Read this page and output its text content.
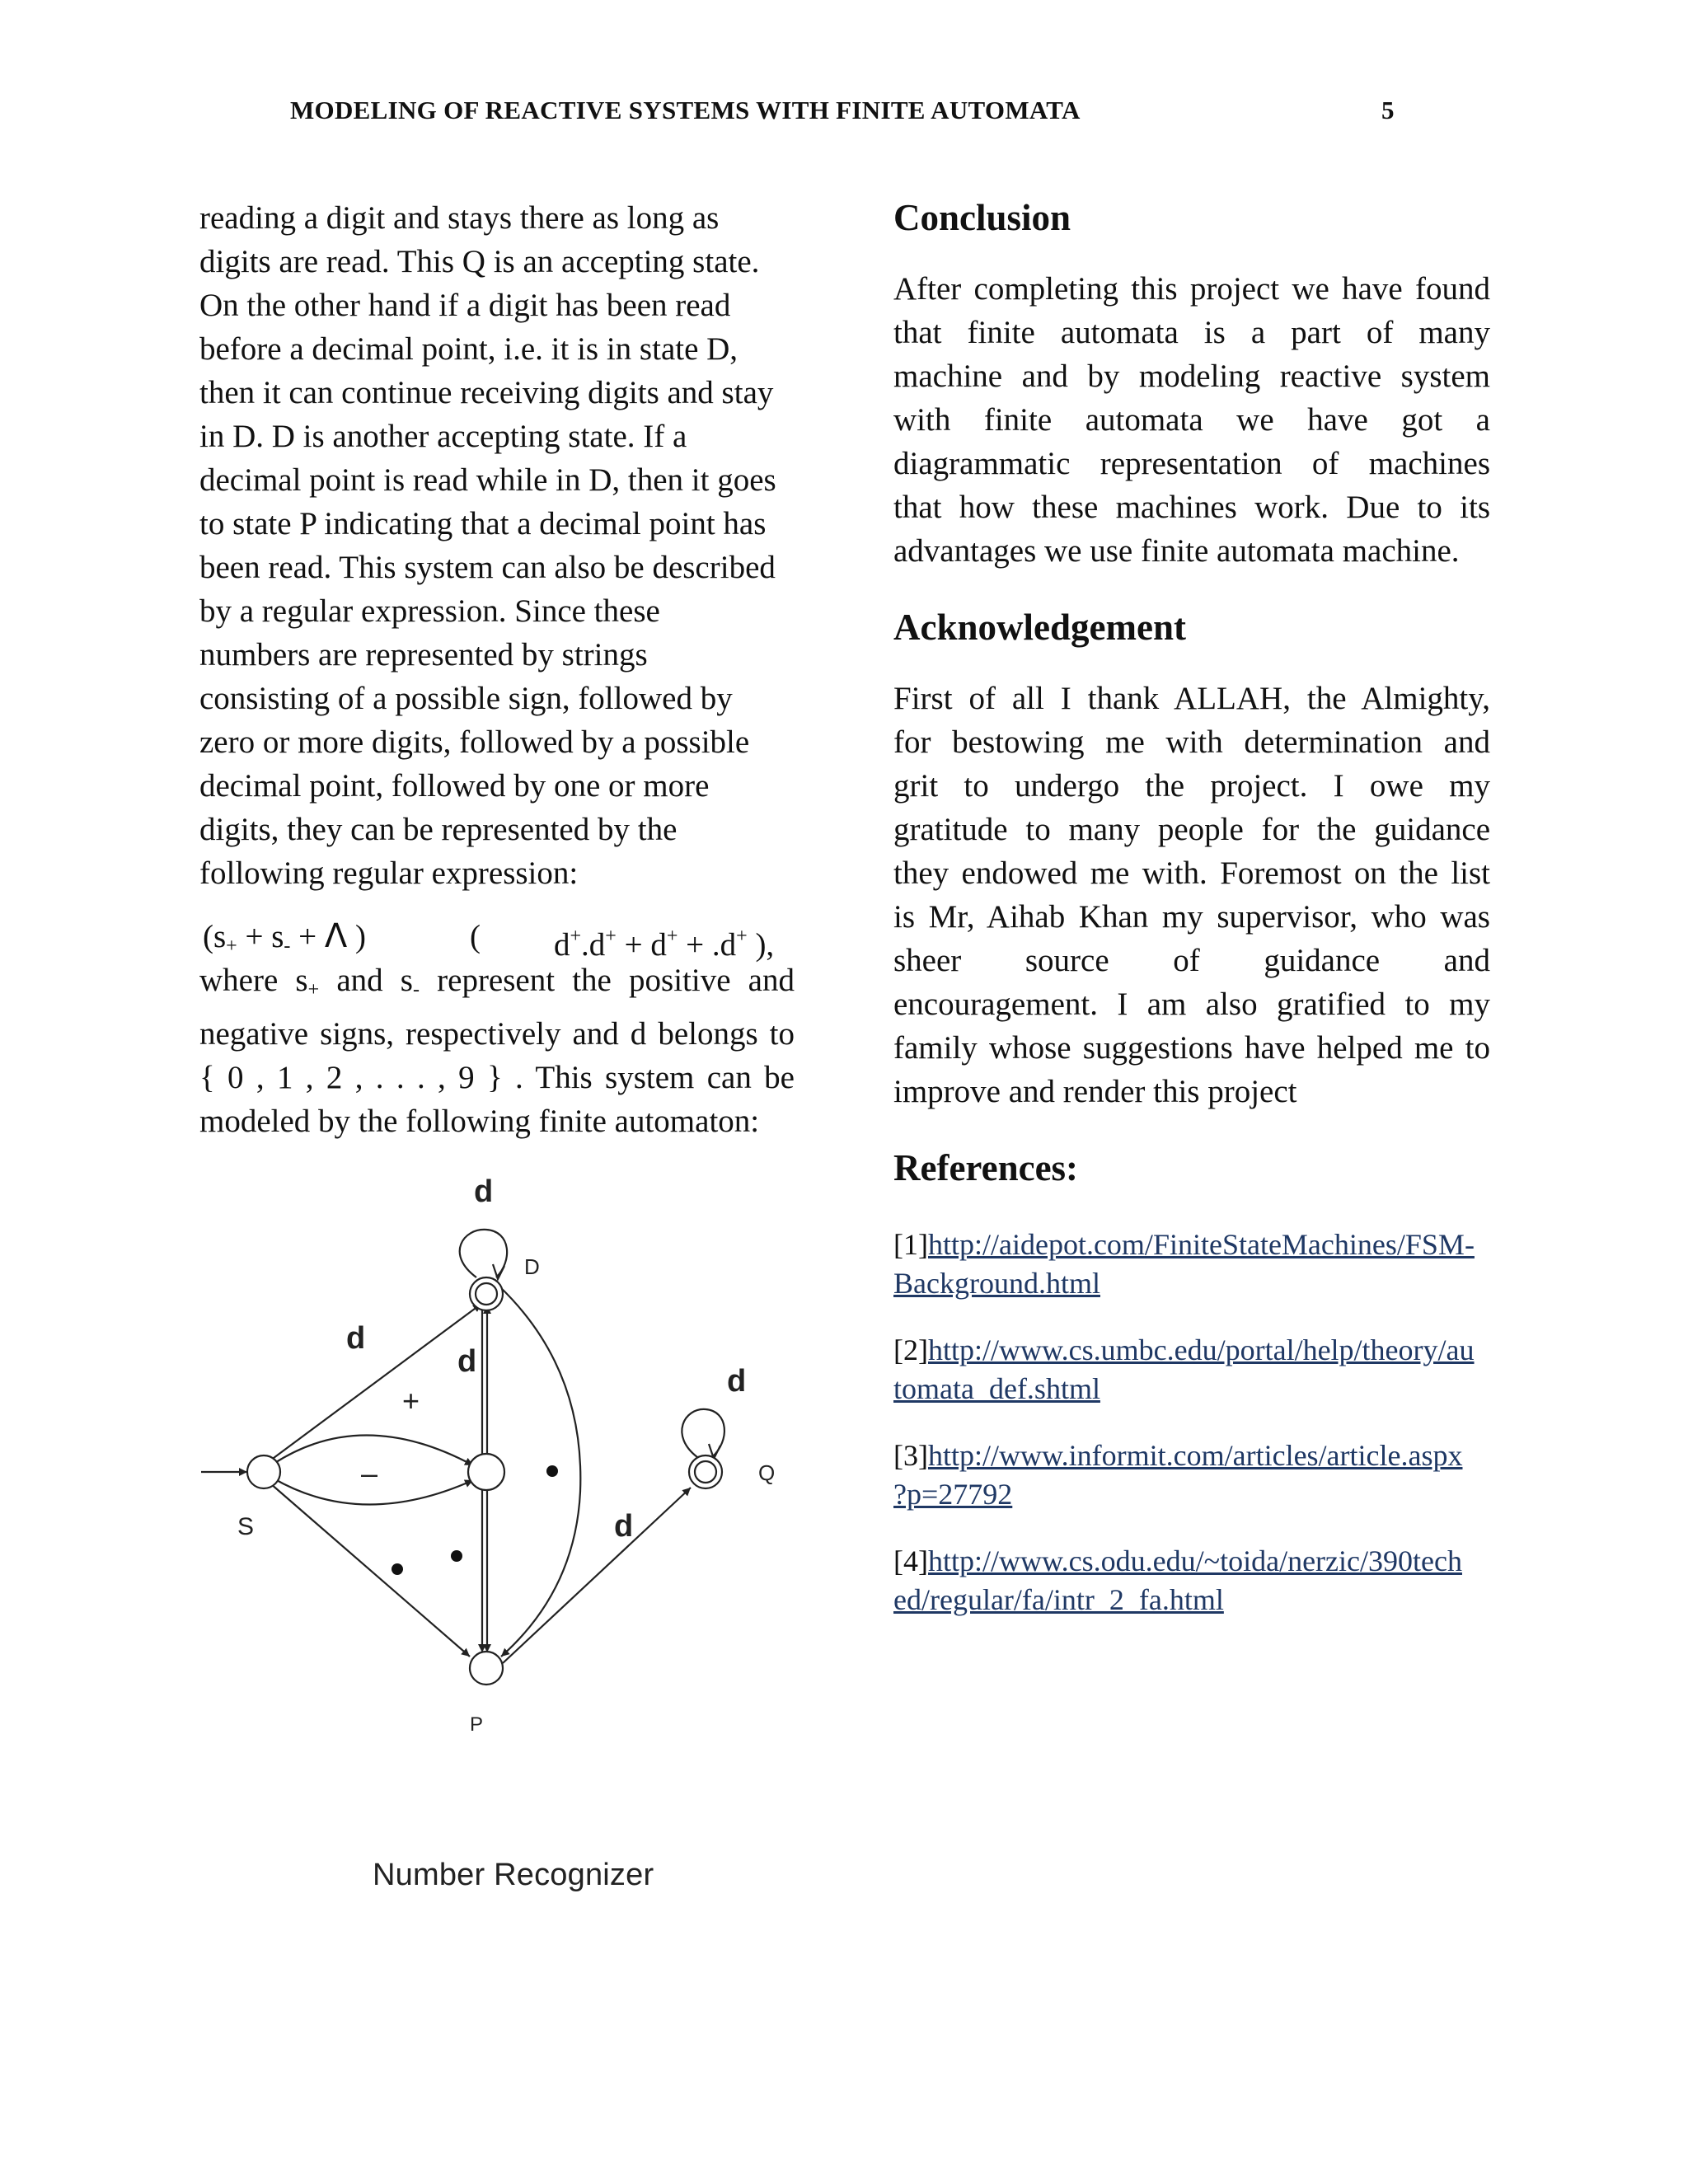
MODELING OF REACTIVE SYSTEMS WITH FINITE AUTOMATA	5

reading a digit and stays there as long as
digits are read. This Q is an accepting state.
On the other hand if a digit has been read
before a decimal point, i.e. it is in state D,
then it can continue receiving digits and stay
in D. D is another accepting state. If a
decimal point is read while in D, then it goes
to state P indicating that a decimal point has
been read. This system can also be described
by a regular expression. Since these
numbers are represented by strings
consisting of a possible sign, followed by
zero or more digits, followed by a possible
decimal point, followed by one or more
digits, they can be represented by the
following regular expression:

($s_+ + s_- + \Lambda$ )	( d+.d+ + d+ + .d+ ),

where $s_+$ and $s_-$ represent the positive and negative signs, respectively and d belongs to { 0 , 1 , 2 , . . . , 9 } . This system can be modeled by the following finite automaton:

D
S
Q
P
d
d
d
+
–
d
d
Number Recognizer
Conclusion

After completing this project we have found
that finite automata is a part of many
machine and by modeling reactive system
with finite automata we have got a
diagrammatic representation of machines
that how these machines work. Due to its
advantages we use finite automata machine.

Acknowledgement

First of all I thank ALLAH, the Almighty,
for bestowing me with determination and
grit to undergo the project. I owe my
gratitude to many people for the guidance
they endowed me with. Foremost on the list
is Mr, Aihab Khan my supervisor, who was
sheer source of guidance and
encouragement. I am also gratified to my
family whose suggestions have helped me to
improve and render this project

References:

[1]http://aidepot.com/FiniteStateMachines/FSM-
Background.html

[2]http://www.cs.umbc.edu/portal/help/theory/au
tomata_def.shtml

[3]http://www.informit.com/articles/article.aspx
?p=27792

[4]http://www.cs.odu.edu/~toida/nerzic/390tech
ed/regular/fa/intr_2_fa.html
